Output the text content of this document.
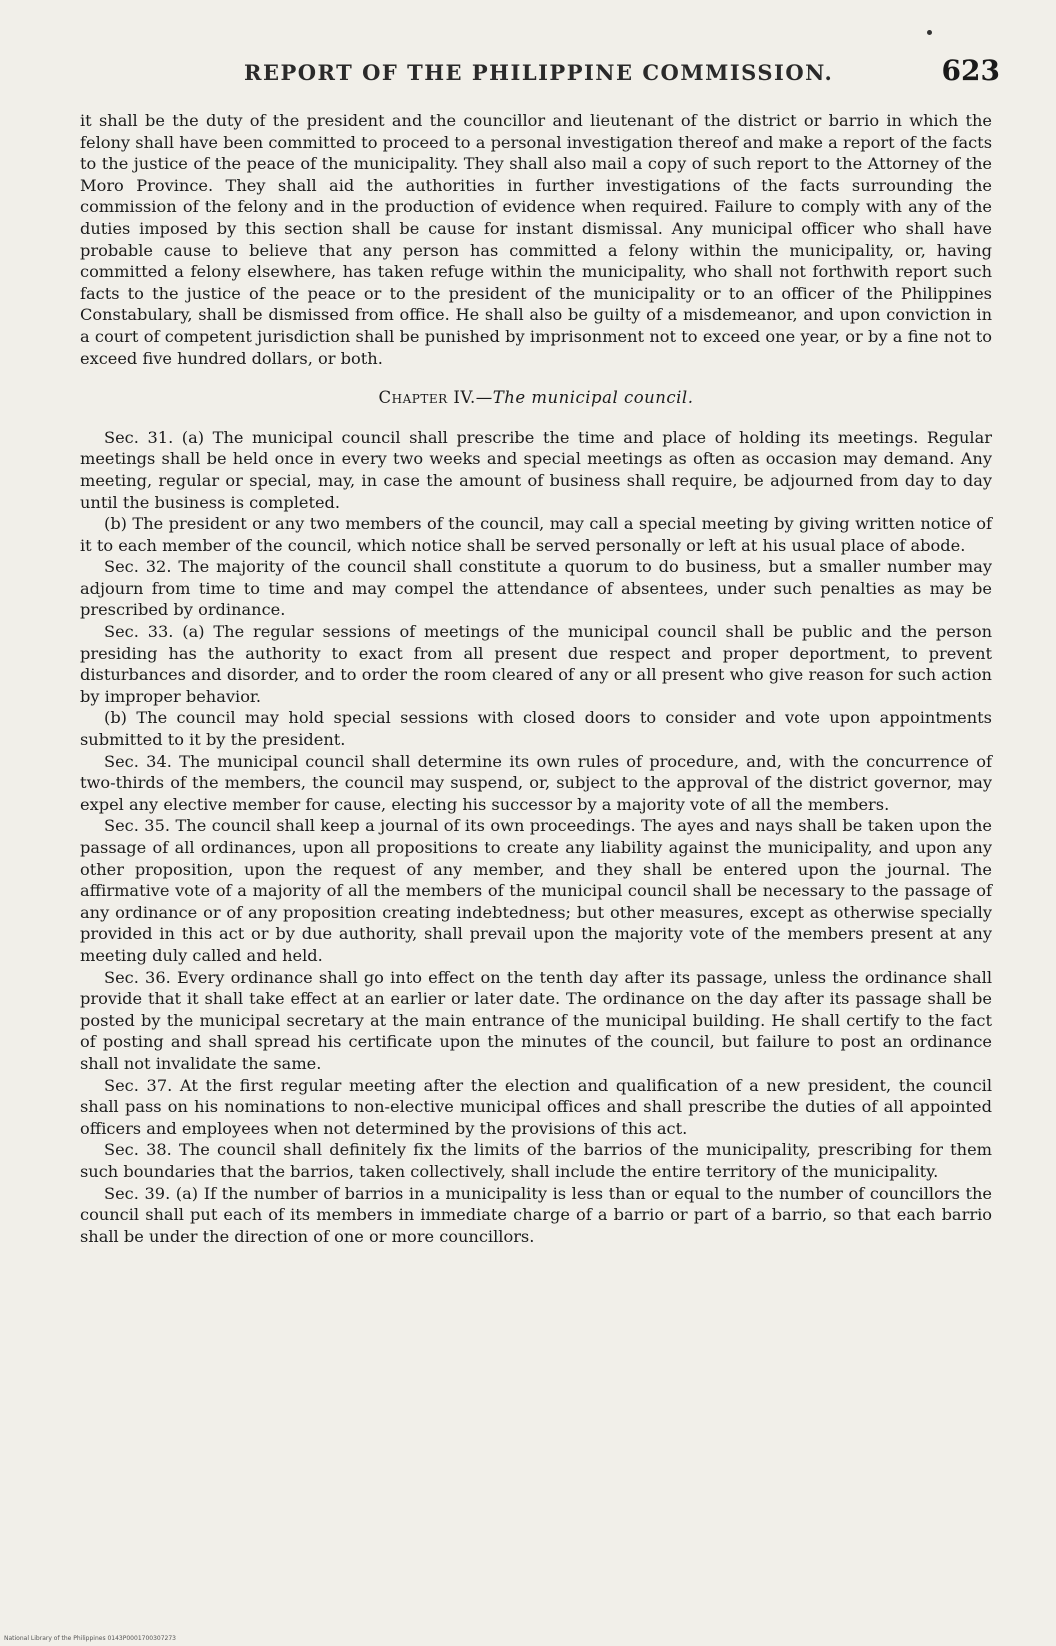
REPORT OF THE PHILIPPINE COMMISSION.	623

it shall be the duty of the president and the councillor and lieutenant of the district or barrio in which the felony shall have been committed to proceed to a personal investigation thereof and make a report of the facts to the justice of the peace of the municipality. They shall also mail a copy of such report to the Attorney of the Moro Province. They shall aid the authorities in further investigations of the facts surrounding the commission of the felony and in the production of evidence when required. Failure to comply with any of the duties imposed by this section shall be cause for instant dismissal. Any municipal officer who shall have probable cause to believe that any person has committed a felony within the municipality, or, having committed a felony elsewhere, has taken refuge within the municipality, who shall not forthwith report such facts to the justice of the peace or to the president of the municipality or to an officer of the Philippines Constabulary, shall be dismissed from office. He shall also be guilty of a misdemeanor, and upon conviction in a court of competent jurisdiction shall be punished by imprisonment not to exceed one year, or by a fine not to exceed five hundred dollars, or both.

Chapter IV.—The municipal council.

Sec. 31. (a) The municipal council shall prescribe the time and place of holding its meetings. Regular meetings shall be held once in every two weeks and special meetings as often as occasion may demand. Any meeting, regular or special, may, in case the amount of business shall require, be adjourned from day to day until the business is completed.

(b) The president or any two members of the council, may call a special meeting by giving written notice of it to each member of the council, which notice shall be served personally or left at his usual place of abode.

Sec. 32. The majority of the council shall constitute a quorum to do business, but a smaller number may adjourn from time to time and may compel the attendance of absentees, under such penalties as may be prescribed by ordinance.

Sec. 33. (a) The regular sessions of meetings of the municipal council shall be public and the person presiding has the authority to exact from all present due respect and proper deportment, to prevent disturbances and disorder, and to order the room cleared of any or all present who give reason for such action by improper behavior.

(b) The council may hold special sessions with closed doors to consider and vote upon appointments submitted to it by the president.

Sec. 34. The municipal council shall determine its own rules of procedure, and, with the concurrence of two-thirds of the members, the council may suspend, or, subject to the approval of the district governor, may expel any elective member for cause, electing his successor by a majority vote of all the members.

Sec. 35. The council shall keep a journal of its own proceedings. The ayes and nays shall be taken upon the passage of all ordinances, upon all propositions to create any liability against the municipality, and upon any other proposition, upon the request of any member, and they shall be entered upon the journal. The affirmative vote of a majority of all the members of the municipal council shall be necessary to the passage of any ordinance or of any proposition creating indebtedness; but other measures, except as otherwise specially provided in this act or by due authority, shall prevail upon the majority vote of the members present at any meeting duly called and held.

Sec. 36. Every ordinance shall go into effect on the tenth day after its passage, unless the ordinance shall provide that it shall take effect at an earlier or later date. The ordinance on the day after its passage shall be posted by the municipal secretary at the main entrance of the municipal building. He shall certify to the fact of posting and shall spread his certificate upon the minutes of the council, but failure to post an ordinance shall not invalidate the same.

Sec. 37. At the first regular meeting after the election and qualification of a new president, the council shall pass on his nominations to non-elective municipal offices and shall prescribe the duties of all appointed officers and employees when not determined by the provisions of this act.

Sec. 38. The council shall definitely fix the limits of the barrios of the municipality, prescribing for them such boundaries that the barrios, taken collectively, shall include the entire territory of the municipality.

Sec. 39. (a) If the number of barrios in a municipality is less than or equal to the number of councillors the council shall put each of its members in immediate charge of a barrio or part of a barrio, so that each barrio shall be under the direction of one or more councillors.

National Library of the Philippines 0143P0001700307273
